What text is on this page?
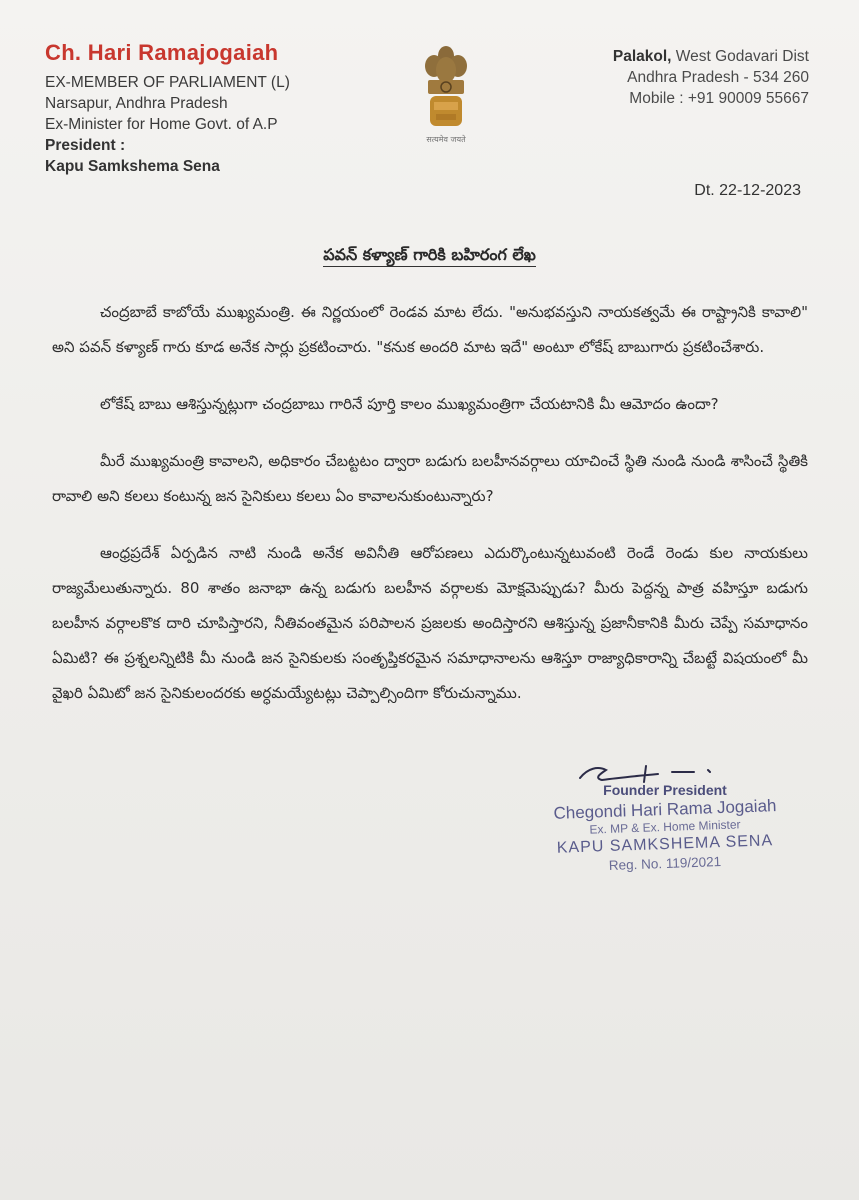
Ch. Hari Ramajogaiah
EX-MEMBER OF PARLIAMENT (L)
Narsapur, Andhra Pradesh
Ex-Minister for Home Govt. of A.P
President :
Kapu Samkshema Sena
सत्यमेव जयते
Palakol, West Godavari Dist
Andhra Pradesh - 534 260
Mobile : +91 90009 55667
Dt. 22-12-2023
పవన్ కళ్యాణ్ గారికి బహిరంగ లేఖ

చంద్రబాబే కాబోయే ముఖ్యమంత్రి. ఈ నిర్ణయంలో రెండవ మాట లేదు. "అనుభవస్తుని నాయకత్వమే ఈ రాష్ట్రానికి కావాలి" అని పవన్ కళ్యాణ్ గారు కూడ అనేక సార్లు ప్రకటించారు. "కనుక అందరి మాట ఇదే" అంటూ లోకేష్ బాబుగారు ప్రకటించేశారు.

లోకేష్ బాబు ఆశిస్తున్నట్లుగా చంద్రబాబు గారినే పూర్తి కాలం ముఖ్యమంత్రిగా చేయటానికి మీ ఆమోదం ఉందా?

మీరే ముఖ్యమంత్రి కావాలని, అధికారం చేబట్టటం ద్వారా బడుగు బలహీనవర్గాలు యాచించే స్థితి నుండి నుండి శాసించే స్థితికి రావాలి అని కలలు కంటున్న జన సైనికులు కలలు ఏం కావాలనుకుంటున్నారు?

ఆంధ్రప్రదేశ్ ఏర్పడిన నాటి నుండి అనేక అవినీతి ఆరోపణలు ఎదుర్కొంటున్నటువంటి రెండే రెండు కుల నాయకులు రాజ్యమేలుతున్నారు. 80 శాతం జనాభా ఉన్న బడుగు బలహీన వర్గాలకు మోక్షమెప్పుడు? మీరు పెద్దన్న పాత్ర వహిస్తూ బడుగు బలహీన వర్గాలకొక దారి చూపిస్తారని, నీతివంతమైన పరిపాలన ప్రజలకు అందిస్తారని ఆశిస్తున్న ప్రజానీకానికి మీరు చెప్పే సమాధానం ఏమిటి? ఈ ప్రశ్నలన్నిటికి మీ నుండి జన సైనికులకు సంతృప్తికరమైన సమాధానాలను ఆశిస్తూ రాజ్యాధికారాన్ని చేబట్టే విషయంలో మీ వైఖరి ఏమిటో జన సైనికులందరకు అర్ధమయ్యేటట్లు చెప్పాల్సిందిగా కోరుచున్నాము.

Founder President
Chegondi Hari Rama Jogaiah
Ex. MP & Ex. Home Minister
KAPU SAMKSHEMA SENA
Reg. No. 119/2021
